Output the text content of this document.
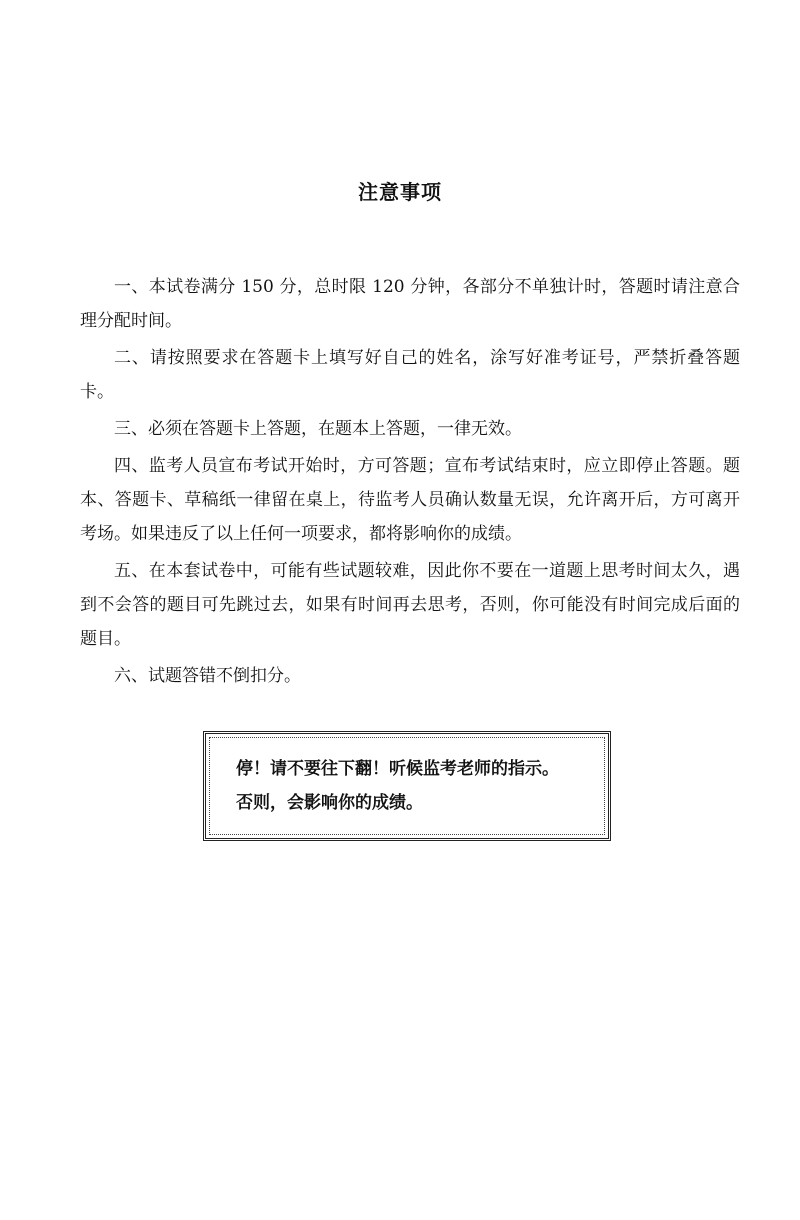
注意事项
一、本试卷满分 150 分，总时限 120 分钟，各部分不单独计时，答题时请注意合理分配时间。
二、请按照要求在答题卡上填写好自己的姓名，涂写好准考证号，严禁折叠答题卡。
三、必须在答题卡上答题，在题本上答题，一律无效。
四、监考人员宣布考试开始时，方可答题；宣布考试结束时，应立即停止答题。题本、答题卡、草稿纸一律留在桌上，待监考人员确认数量无误，允许离开后，方可离开考场。如果违反了以上任何一项要求，都将影响你的成绩。
五、在本套试卷中，可能有些试题较难，因此你不要在一道题上思考时间太久，遇到不会答的题目可先跳过去，如果有时间再去思考，否则，你可能没有时间完成后面的题目。
六、试题答错不倒扣分。
停！请不要往下翻！听候监考老师的指示。
否则，会影响你的成绩。
